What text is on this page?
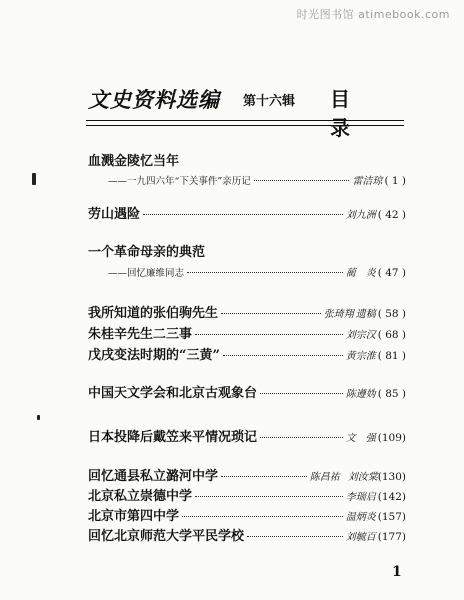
时光图书馆 atimebook.com
文史资料选编 第十六辑 目录
血溅金陵忆当年
——一九四六年“下关事件”亲历记	雷洁琼 ( 1 )
劳山遇险	刘九洲 ( 42 )
一个革命母亲的典范
——回忆廉维同志	蔺　炎 ( 47 )
我所知道的张伯驹先生	张琦翔 遗稿 ( 58 )
朱桂辛先生二三事	刘宗汉 ( 68 )
戊戌变法时期的“三黄”	黄宗淮 ( 81 )
中国天文学会和北京古观象台	陈遵妫 ( 85 )
日本投降后戴笠来平情况琐记	文　强 (109)
回忆通县私立潞河中学	陈昌祐 刘汝棠 (130)
北京私立崇德中学	李瑞启 (142)
北京市第四中学	温炳炎 (157)
回忆北京师范大学平民学校	刘毓百 (177)
1
